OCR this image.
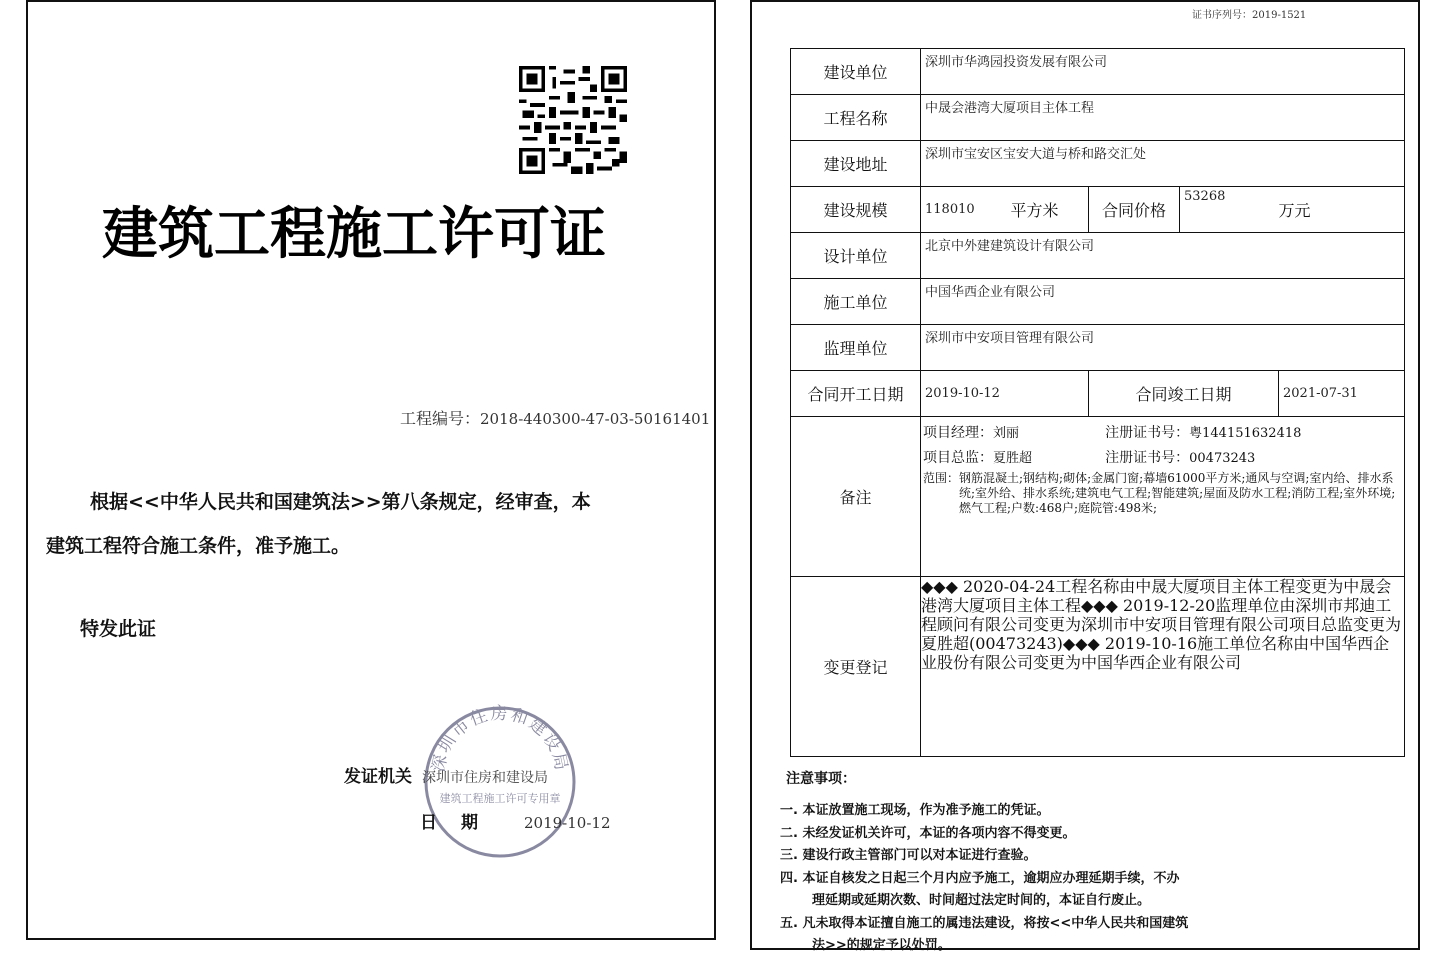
建筑工程施工许可证
工程编号：2018-440300-47-03-50161401
根据<<中华人民共和国建筑法>>第八条规定，经审查，本
建筑工程符合施工条件，准予施工。
特发此证
深圳市住房和建设局
建筑工程施工许可专用章
发证机关 深圳市住房和建设局
日期 2019-10-12
证书序列号：2019-1521
建设单位	深圳市华鸿园投资发展有限公司				
工程名称	中晟会港湾大厦项目主体工程				
建设地址	深圳市宝安区宝安大道与桥和路交汇处				
建设规模	118010	平方米	合同价格	53268	万元
设计单位	北京中外建建筑设计有限公司				
施工单位	中国华西企业有限公司				
监理单位	深圳市中安项目管理有限公司				
合同开工日期	2019-10-12		合同竣工日期		2021-07-31
备注	项目经理：刘丽 注册证书号：粤144151632418
项目总监：夏胜超 注册证书号：00473243
范围： 钢筋混凝土;钢结构;砌体;金属门窗;幕墙61000平方米;通风与空调;室内给、排水系统;室外给、排水系统;建筑电气工程;智能建筑;屋面及防水工程;消防工程;室外环境;燃气工程;户数:468户;庭院管:498米;				

变更登记	◆◆◆ 2020-04-24工程名称由中晟大厦项目主体工程变更为中晟会港湾大厦项目主体工程◆◆◆ 2019-12-20监理单位由深圳市邦迪工程顾问有限公司变更为深圳市中安项目管理有限公司项目总监变更为夏胜超(00473243)◆◆◆ 2019-10-16施工单位名称由中国华西企业股份有限公司变更为中国华西企业有限公司				
注意事项：
一. 本证放置施工现场，作为准予施工的凭证。
二. 未经发证机关许可，本证的各项内容不得变更。
三. 建设行政主管部门可以对本证进行查验。
四. 本证自核发之日起三个月内应予施工，逾期应办理延期手续，不办
理延期或延期次数、时间超过法定时间的，本证自行废止。
五. 凡未取得本证擅自施工的属违法建设，将按<<中华人民共和国建筑
法>>的规定予以处罚。
